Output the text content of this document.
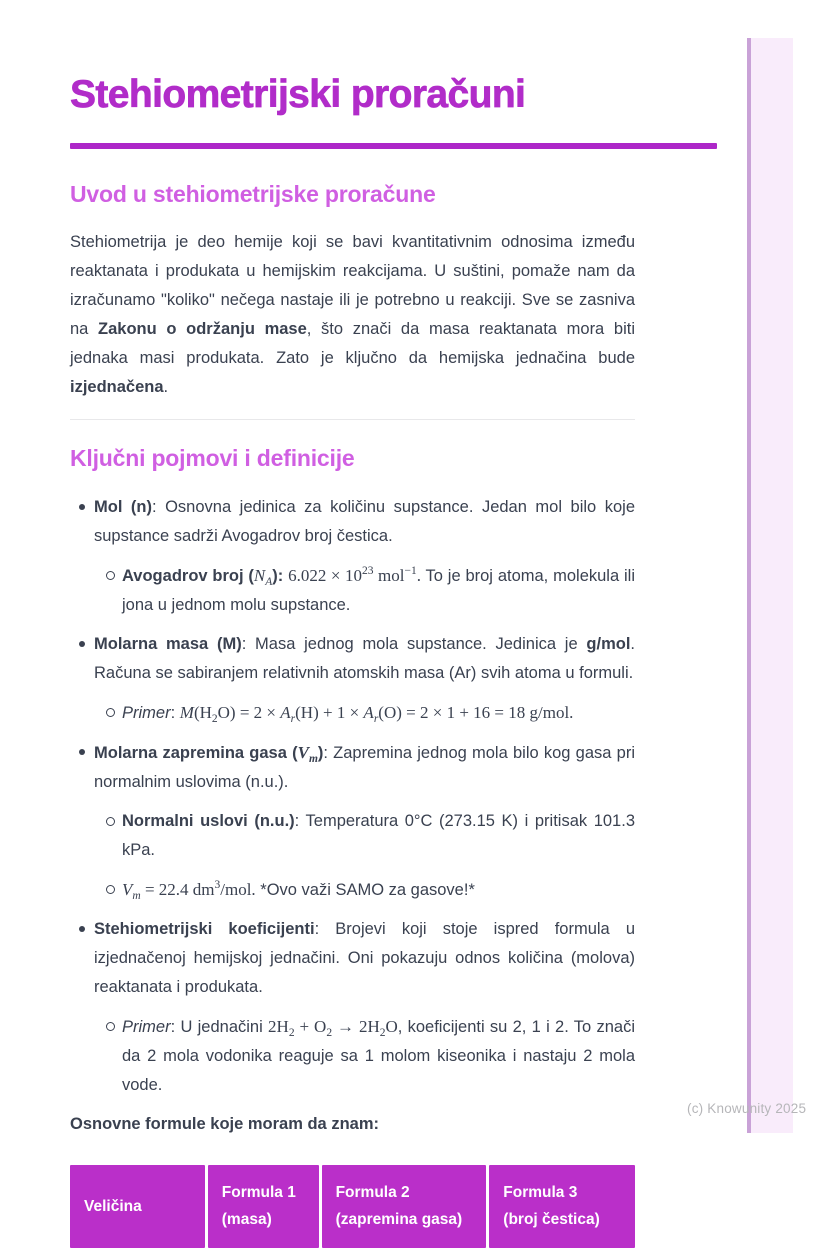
Stehiometrijski proračuni
Uvod u stehiometrijske proračune

Stehiometrija je deo hemije koji se bavi kvantitativnim odnosima između reaktanata i produkata u hemijskim reakcijama. U suštini, pomaže nam da izračunamo "koliko" nečega nastaje ili je potrebno u reakciji. Sve se zasniva na Zakonu o održanju mase, što znači da masa reaktanata mora biti jednaka masi produkata. Zato je ključno da hemijska jednačina bude izjednačena.

Ključni pojmovi i definicije
Mol (n): Osnovna jedinica za količinu supstance. Jedan mol bilo koje supstance sadrži Avogadrov broj čestica.
Avogadrov broj $(N_A)$: $6.022 \times 10^{23}$ mol$^{-1}$. To je broj atoma, molekula ili jona u jednom molu supstance.
Molarna masa (M): Masa jednog mola supstance. Jedinica je g/mol. Računa se sabiranjem relativnih atomskih masa (Ar) svih atoma u formuli.
Primer: $M(H_2O) = 2 \times A_r(H) + 1 \times A_r(O) = 2 \times 1 + 16 = 18$ g/mol.
Molarna zapremina gasa $(V_m)$: Zapremina jednog mola bilo kog gasa pri normalnim uslovima (n.u.).
Normalni uslovi (n.u.): Temperatura 0°C (273.15 K) i pritisak 101.3 kPa.
$V_m = 22.4$ $dm^3$/mol. *Ovo važi SAMO za gasove!*
Stehiometrijski koeficijenti: Brojevi koji stoje ispred formula u izjednačenoj hemijskoj jednačini. Oni pokazuju odnos količina (molova) reaktanata i produkata.
Primer: U jednačini $2H_2 + O_2 \to 2H_2O$, koeficijenti su 2, 1 i 2. To znači da 2 mola vodonika reaguje sa 1 molom kiseonika i nastaju 2 mola vode.

Osnovne formule koje moram da znam:

Veličina
Formula 1
(masa)
Formula 2
(zapremina gasa)
Formula 3
(broj čestica)
(c) Knowunity 2025
